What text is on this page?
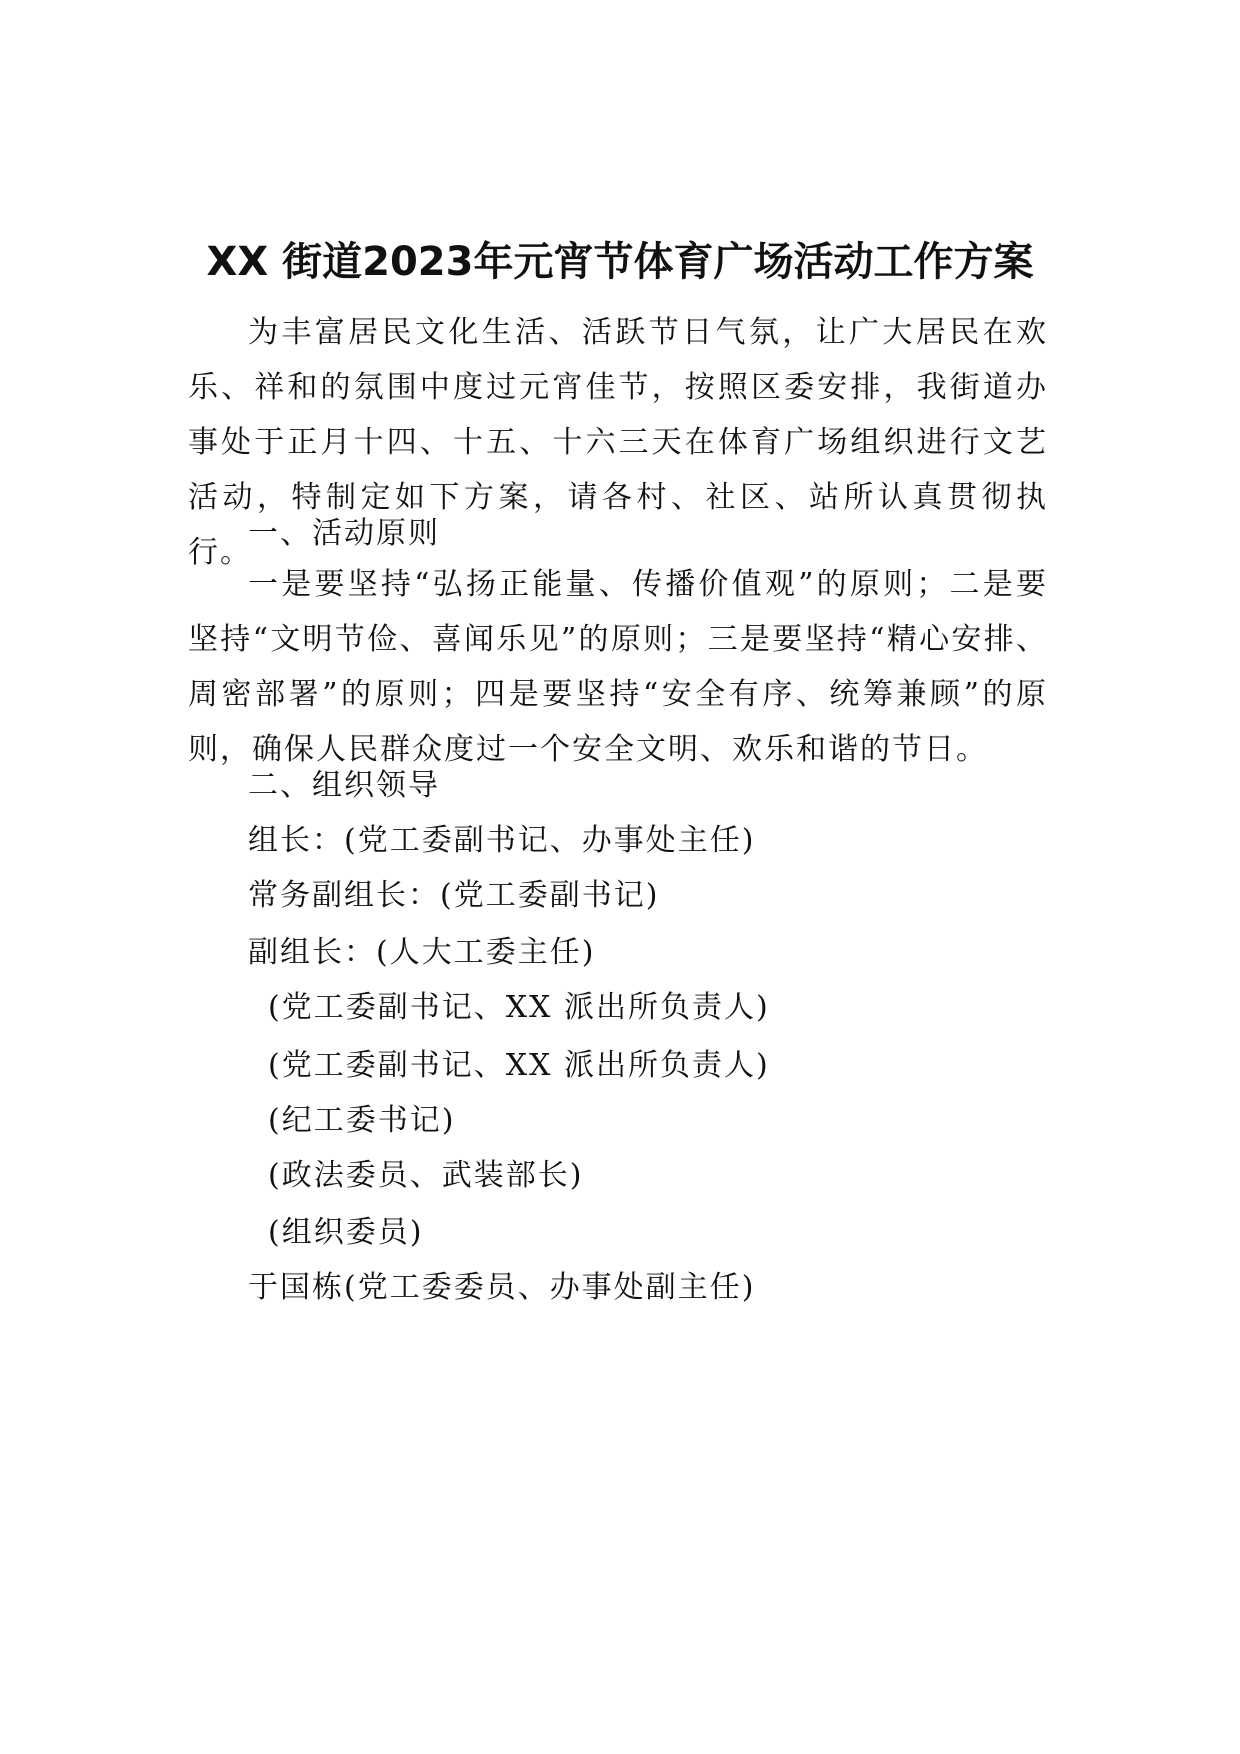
XX 街道2023年元宵节体育广场活动工作方案

为丰富居民文化生活、活跃节日气氛，让广大居民在欢乐、祥和的氛围中度过元宵佳节，按照区委安排，我街道办事处于正月十四、十五、十六三天在体育广场组织进行文艺活动，特制定如下方案，请各村、社区、站所认真贯彻执行。

一、活动原则

一是要坚持“弘扬正能量、传播价值观”的原则；二是要坚持“文明节俭、喜闻乐见”的原则；三是要坚持“精心安排、周密部署”的原则；四是要坚持“安全有序、统筹兼顾”的原则，确保人民群众度过一个安全文明、欢乐和谐的节日。

二、组织领导

组长：(党工委副书记、办事处主任)

常务副组长：(党工委副书记)

副组长：(人大工委主任)

(党工委副书记、XX 派出所负责人)

(党工委副书记、XX 派出所负责人)

(纪工委书记)

(政法委员、武装部长)

(组织委员)

于国栋(党工委委员、办事处副主任)
